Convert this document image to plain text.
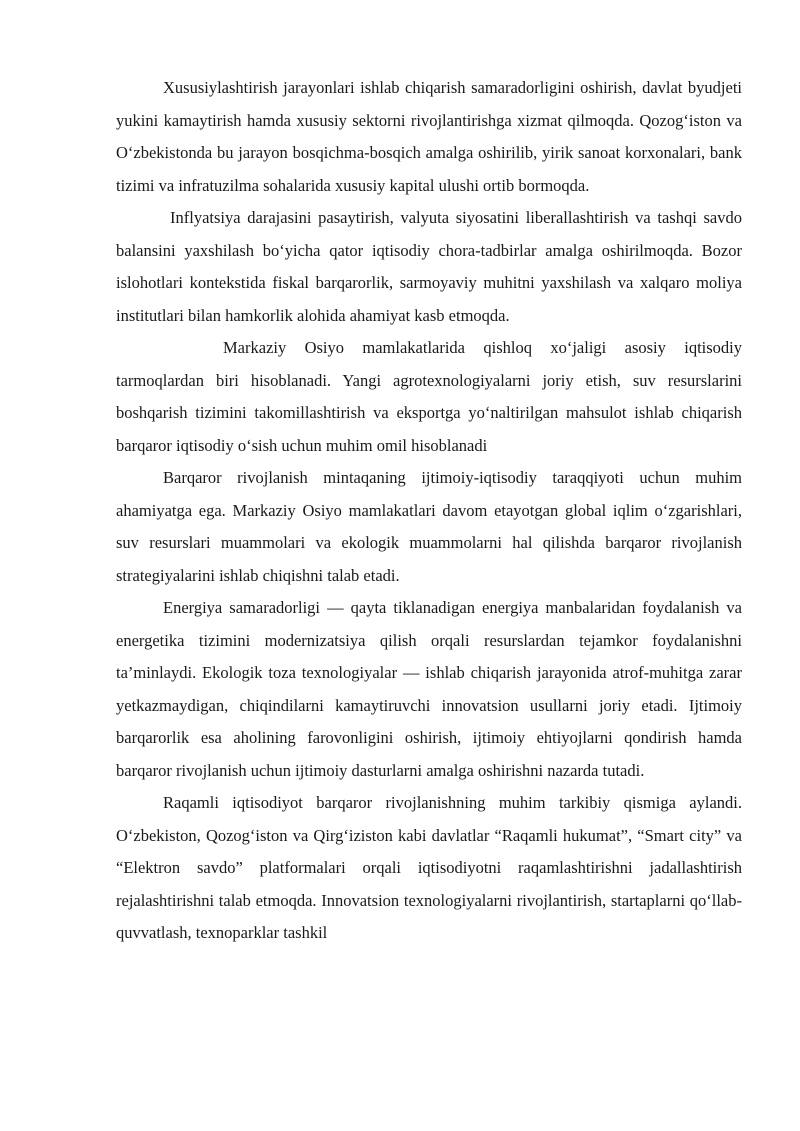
Xususiylashtirish jarayonlari ishlab chiqarish samaradorligini oshirish, davlat byudjeti yukini kamaytirish hamda xususiy sektorni rivojlantirishga xizmat qilmoqda. Qozog‘iston va O‘zbekistonda bu jarayon bosqichma-bosqich amalga oshirilib, yirik sanoat korxonalari, bank tizimi va infratuzilma sohalarida xususiy kapital ulushi ortib bormoqda.

Inflyatsiya darajasini pasaytirish, valyuta siyosatini liberallashtirish va tashqi savdo balansini yaxshilash bo‘yicha qator iqtisodiy chora-tadbirlar amalga oshirilmoqda. Bozor islohotlari kontekstida fiskal barqarorlik, sarmoyaviy muhitni yaxshilash va xalqaro moliya institutlari bilan hamkorlik alohida ahamiyat kasb etmoqda.

Markaziy Osiyo mamlakatlarida qishloq xo‘jaligi asosiy iqtisodiy tarmoqlardan biri hisoblanadi. Yangi agrotexnologiyalarni joriy etish, suv resurslarini boshqarish tizimini takomillashtirish va eksportga yo‘naltirilgan mahsulot ishlab chiqarish barqaror iqtisodiy o‘sish uchun muhim omil hisoblanadi

Barqaror rivojlanish mintaqaning ijtimoiy-iqtisodiy taraqqiyoti uchun muhim ahamiyatga ega. Markaziy Osiyo mamlakatlari davom etayotgan global iqlim o‘zgarishlari, suv resurslari muammolari va ekologik muammolarni hal qilishda barqaror rivojlanish strategiyalarini ishlab chiqishni talab etadi.

Energiya samaradorligi — qayta tiklanadigan energiya manbalaridan foydalanish va energetika tizimini modernizatsiya qilish orqali resurslardan tejamkor foydalanishni ta’minlaydi. Ekologik toza texnologiyalar — ishlab chiqarish jarayonida atrof-muhitga zarar yetkazmaydigan, chiqindilarni kamaytiruvchi innovatsion usullarni joriy etadi. Ijtimoiy barqarorlik esa aholining farovonligini oshirish, ijtimoiy ehtiyojlarni qondirish hamda barqaror rivojlanish uchun ijtimoiy dasturlarni amalga oshirishni nazarda tutadi.

Raqamli iqtisodiyot barqaror rivojlanishning muhim tarkibiy qismiga aylandi. O‘zbekiston, Qozog‘iston va Qirg‘iziston kabi davlatlar “Raqamli hukumat”, “Smart city” va “Elektron savdo” platformalari orqali iqtisodiyotni raqamlashtirishni jadallashtirish rejalashtirishni talab etmoqda. Innovatsion texnologiyalarni rivojlantirish, startaplarni qo‘llab-quvvatlash, texnoparklar tashkil
